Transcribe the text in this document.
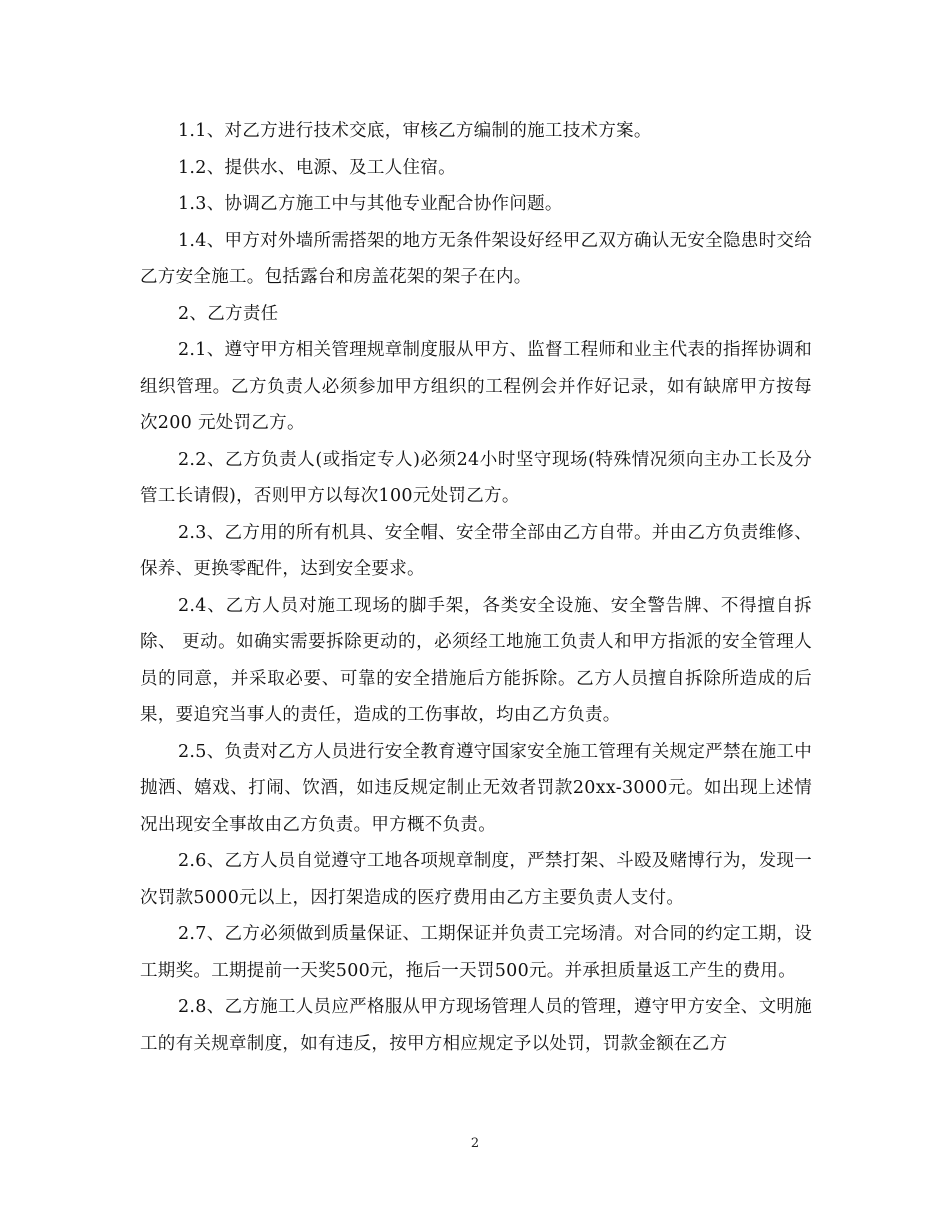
1.1、对乙方进行技术交底，审核乙方编制的施工技术方案。

1.2、提供水、电源、及工人住宿。

1.3、协调乙方施工中与其他专业配合协作问题。

1.4、甲方对外墙所需搭架的地方无条件架设好经甲乙双方确认无安全隐患时交给乙方安全施工。包括露台和房盖花架的架子在内。

2、乙方责任

2.1、遵守甲方相关管理规章制度服从甲方、监督工程师和业主代表的指挥协调和组织管理。乙方负责人必须参加甲方组织的工程例会并作好记录，如有缺席甲方按每次200 元处罚乙方。

2.2、乙方负责人(或指定专人)必须24小时坚守现场(特殊情况须向主办工长及分管工长请假)，否则甲方以每次100元处罚乙方。

2.3、乙方用的所有机具、安全帽、安全带全部由乙方自带。并由乙方负责维修、保养、更换零配件，达到安全要求。

2.4、乙方人员对施工现场的脚手架，各类安全设施、安全警告牌、不得擅自拆除、 更动。如确实需要拆除更动的，必须经工地施工负责人和甲方指派的安全管理人员的同意，并采取必要、可靠的安全措施后方能拆除。乙方人员擅自拆除所造成的后果，要追究当事人的责任，造成的工伤事故，均由乙方负责。

2.5、负责对乙方人员进行安全教育遵守国家安全施工管理有关规定严禁在施工中抛洒、嬉戏、打闹、饮酒，如违反规定制止无效者罚款20xx-3000元。如出现上述情况出现安全事故由乙方负责。甲方概不负责。

2.6、乙方人员自觉遵守工地各项规章制度，严禁打架、斗殴及赌博行为，发现一次罚款5000元以上，因打架造成的医疗费用由乙方主要负责人支付。

2.7、乙方必须做到质量保证、工期保证并负责工完场清。对合同的约定工期，设工期奖。工期提前一天奖500元，拖后一天罚500元。并承担质量返工产生的费用。

2.8、乙方施工人员应严格服从甲方现场管理人员的管理，遵守甲方安全、文明施工的有关规章制度，如有违反，按甲方相应规定予以处罚，罚款金额在乙方

2
